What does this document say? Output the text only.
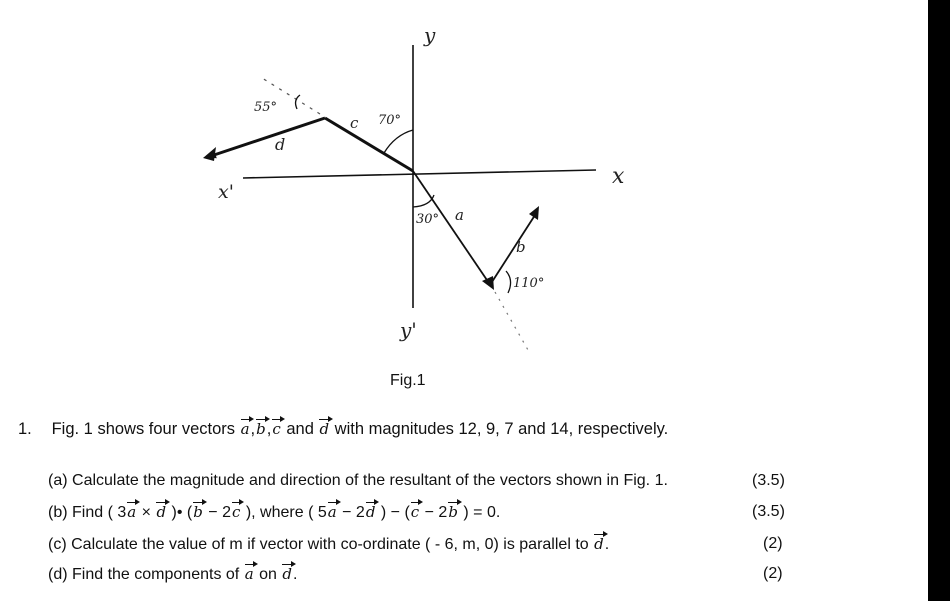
y
y'
x
x'
d
c
a
b
55°
70°
30°
110°
Fig.1
1. Fig. 1 shows four vectors a,b,c and d with magnitudes 12, 9, 7 and 14, respectively.
(a) Calculate the magnitude and direction of the resultant of the vectors shown in Fig. 1.	(3.5)
(b) Find ( 3a × d )• (b − 2c ), where ( 5a − 2d ) − (c − 2b ) = 0.	(3.5)
(c) Calculate the value of m if vector with co-ordinate ( - 6, m, 0) is parallel to d.	(2)
(d) Find the components of a on d.	(2)
